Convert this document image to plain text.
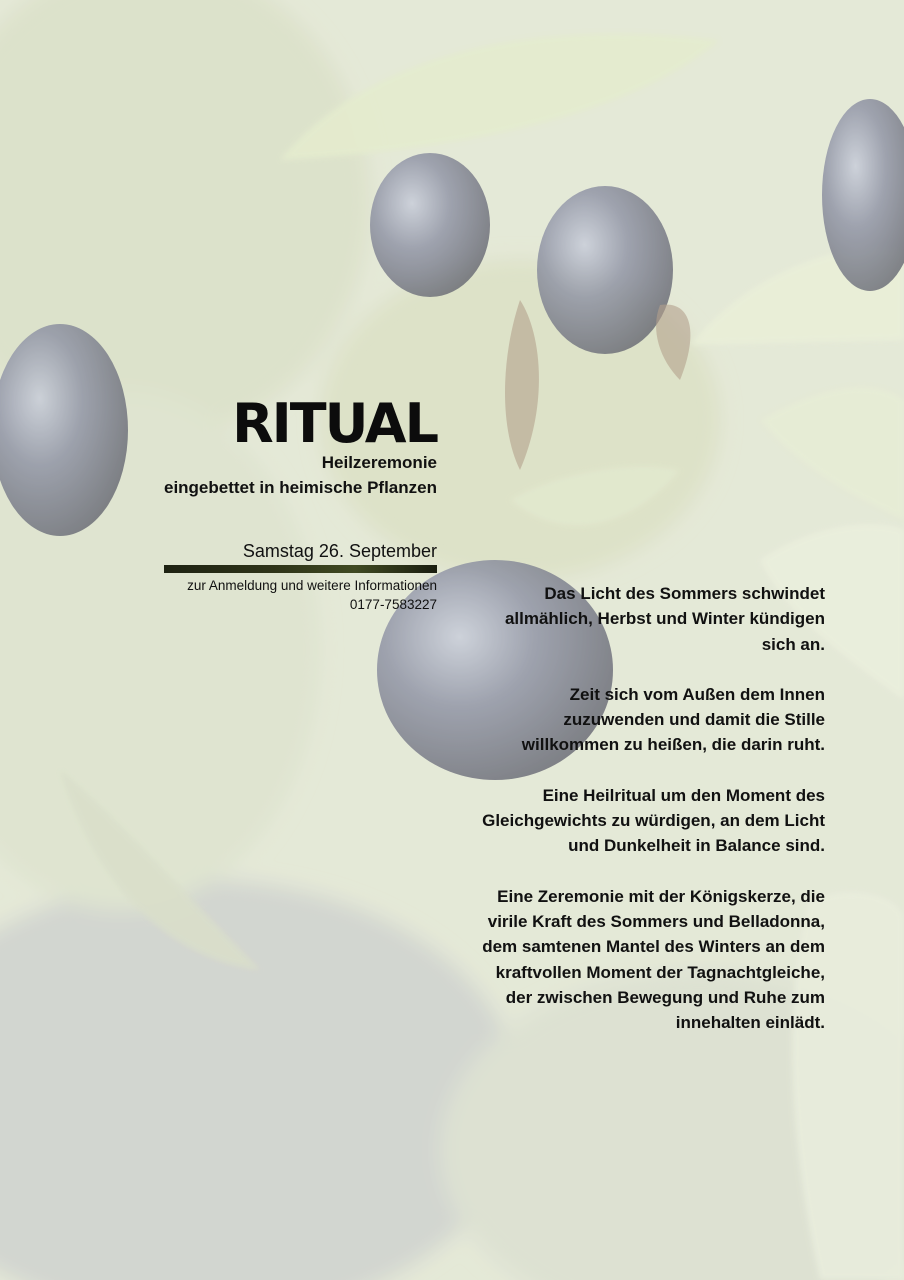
RITUAL
Heilzeremonie
eingebettet in heimische Pflanzen
Samstag 26. September
zur Anmeldung und weitere Informationen
0177-7583227

Das Licht des Sommers schwindet
allmählich, Herbst und Winter kündigen
sich an.

Zeit sich vom Außen dem Innen
zuzuwenden und damit die Stille
willkommen zu heißen, die darin ruht.

Eine Heilritual um den Moment des
Gleichgewichts zu würdigen, an dem Licht
und Dunkelheit in Balance sind.

Eine Zeremonie mit der Königskerze, die
virile Kraft des Sommers und Belladonna,
dem samtenen Mantel des Winters an dem
kraftvollen Moment der Tagnachtgleiche,
der zwischen Bewegung und Ruhe zum
innehalten einlädt.
